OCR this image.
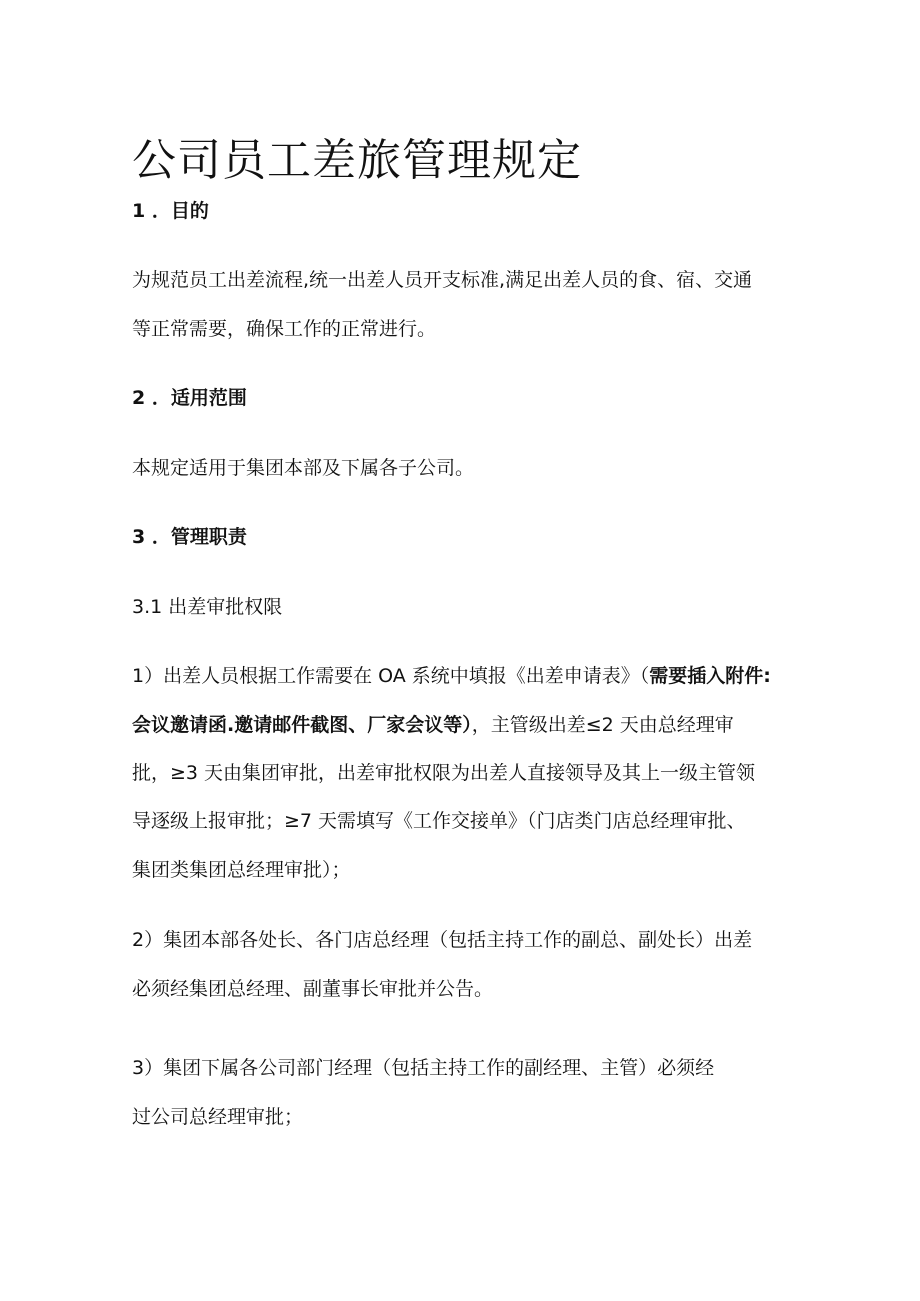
公司员工差旅管理规定
1 ．目的
为规范员工出差流程,统一出差人员开支标准,满足出差人员的食、宿、交通
等正常需要，确保工作的正常进行。
2 ．适用范围
本规定适用于集团本部及下属各子公司。
3 ．管理职责
3.1 出差审批权限
1）出差人员根据工作需要在 OA 系统中填报《出差申请表》（需要插入附件:
会议邀请函.邀请邮件截图、厂家会议等），主管级出差≤2 天由总经理审
批，≥3 天由集团审批，出差审批权限为出差人直接领导及其上一级主管领
导逐级上报审批；≥7 天需填写《工作交接单》（门店类门店总经理审批、
集团类集团总经理审批）；
2）集团本部各处长、各门店总经理（包括主持工作的副总、副处长）出差
必须经集团总经理、副董事长审批并公告。
3）集团下属各公司部门经理（包括主持工作的副经理、主管）必须经
过公司总经理审批；
